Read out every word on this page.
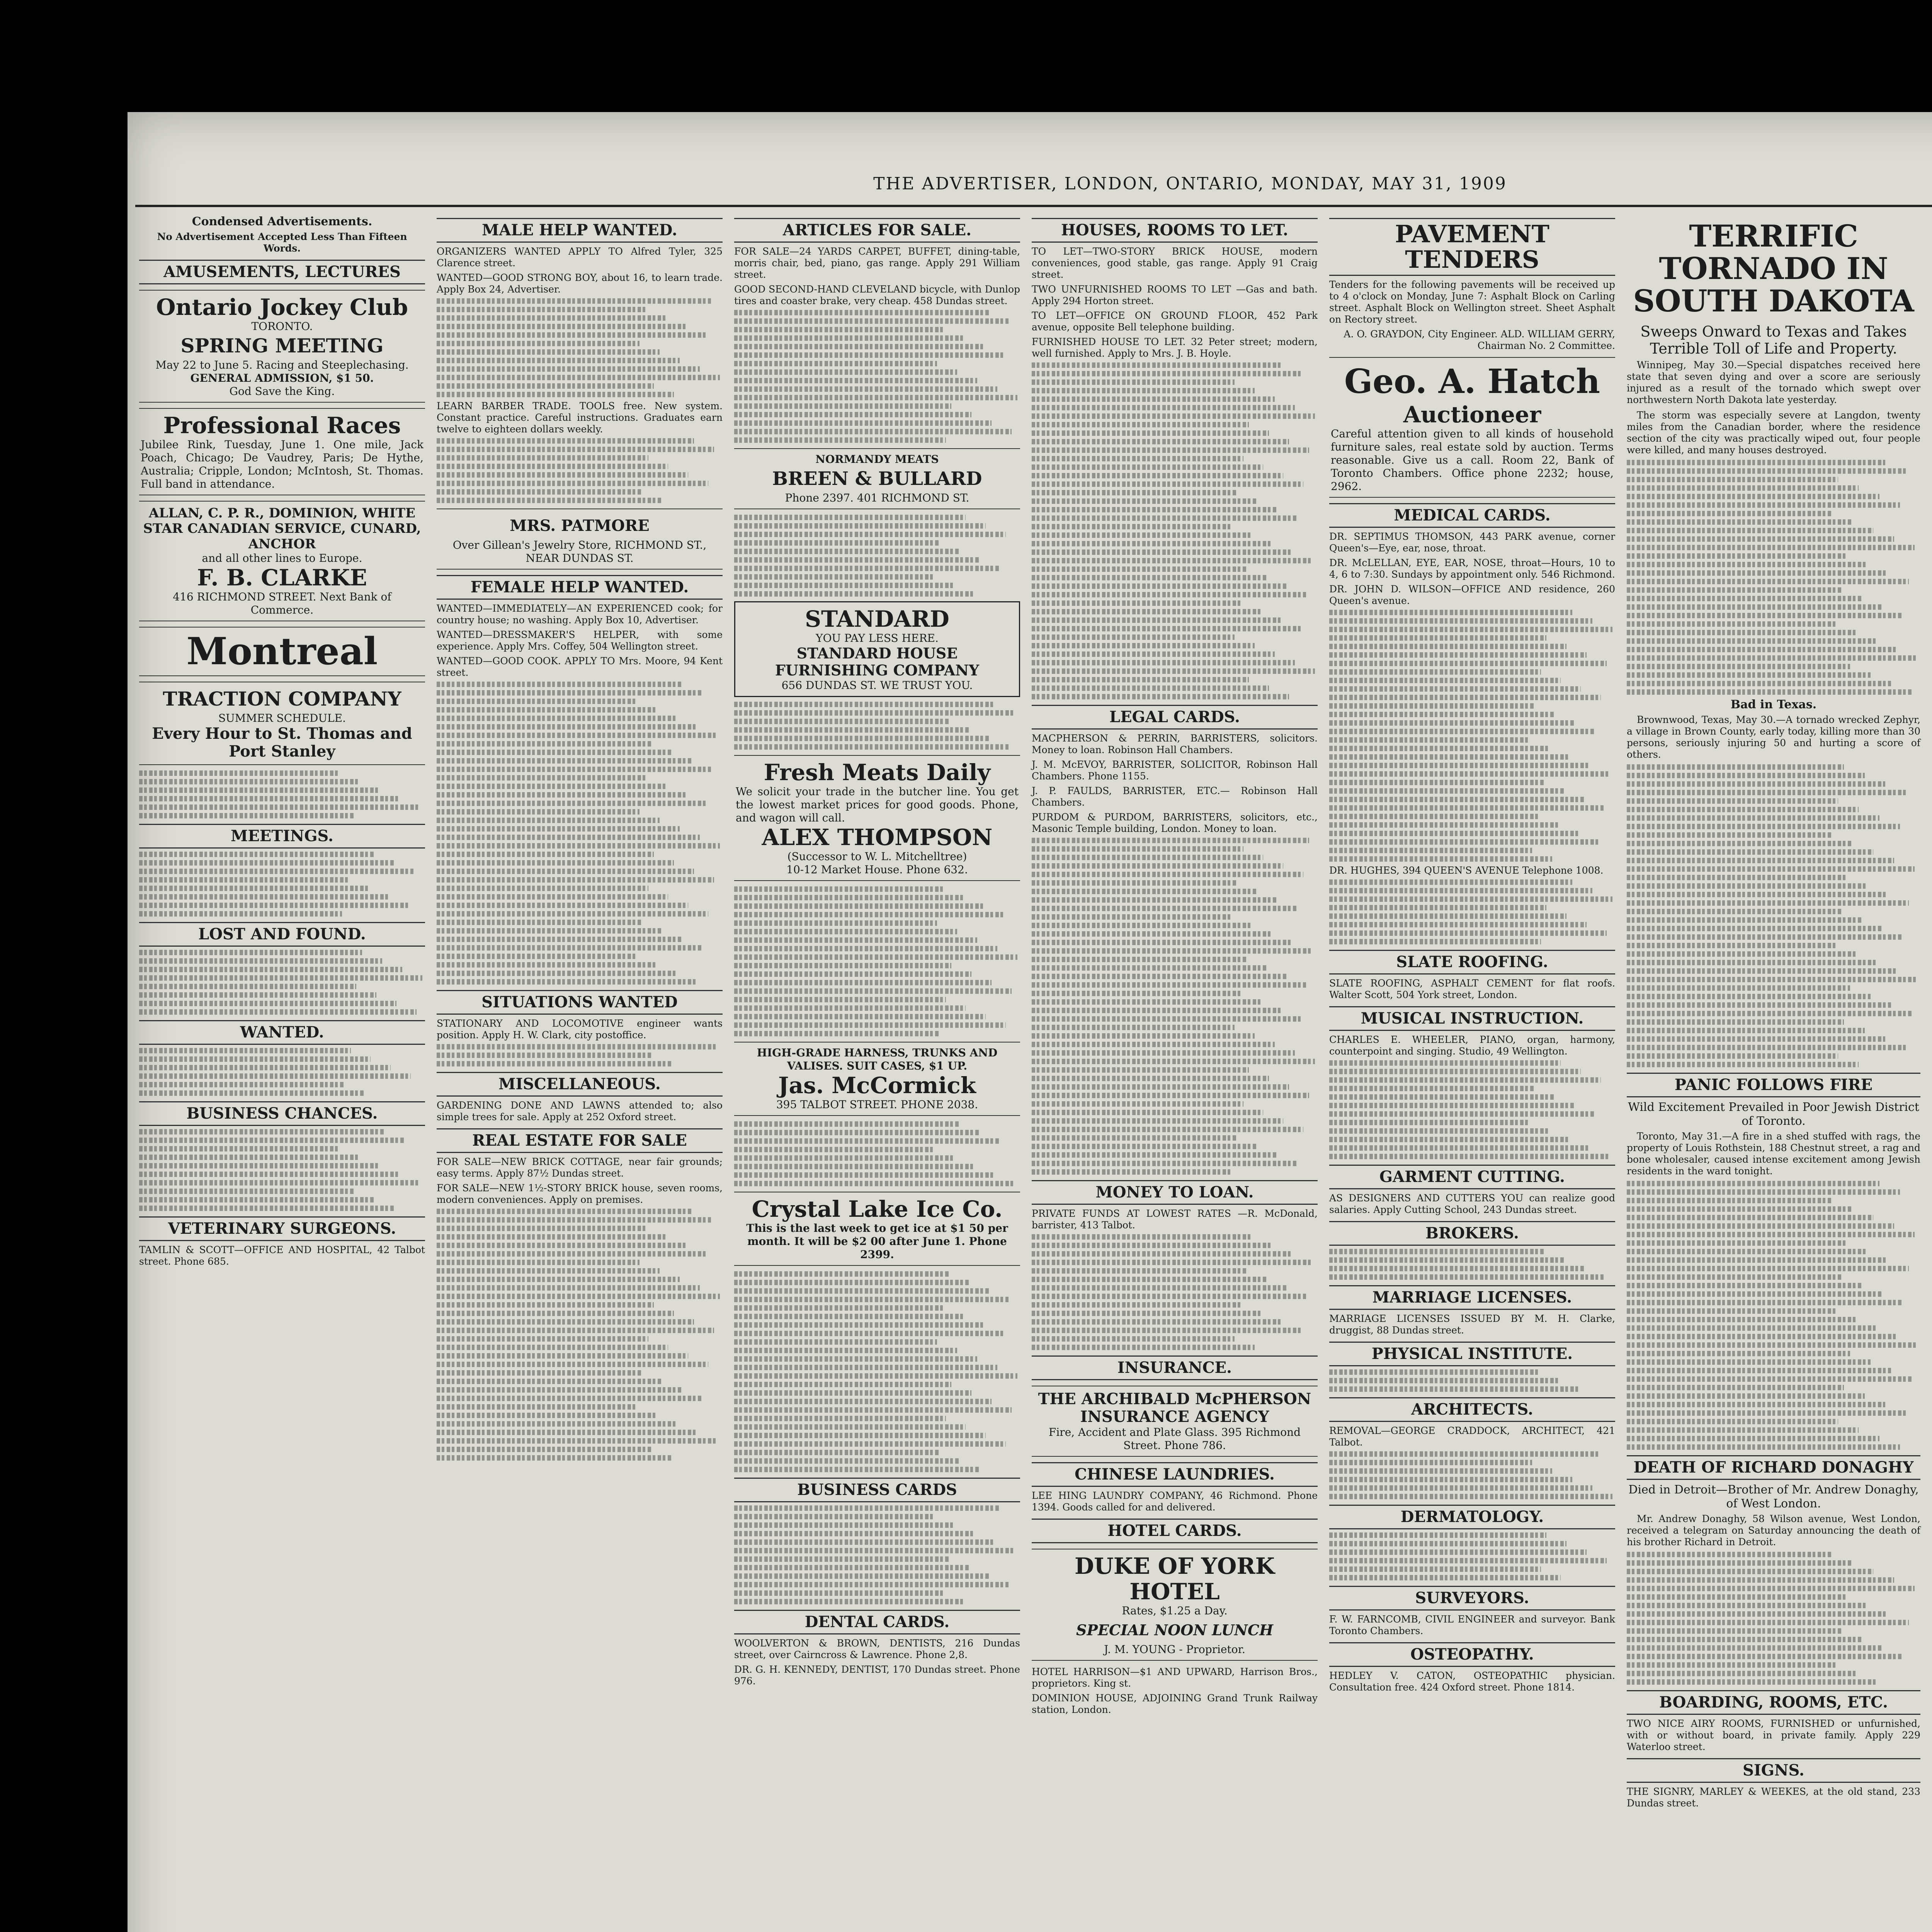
THE ADVERTISER, LONDON, ONTARIO, MONDAY, MAY 31, 1909
Condensed Advertisements.
No Advertisement Accepted Less Than Fifteen Words.
AMUSEMENTS, LECTURES
Ontario Jockey Club
TORONTO.
SPRING MEETING
May 22 to June 5. Racing and Steeplechasing.
GENERAL ADMISSION, $1 50.
God Save the King.
Professional Races
Jubilee Rink, Tuesday, June 1. One mile, Jack Poach, Chicago; De Vaudrey, Paris; De Hythe, Australia; Cripple, London; McIntosh, St. Thomas. Full band in attendance.
ALLAN, C. P. R., DOMINION, WHITE STAR CANADIAN SERVICE, CUNARD, ANCHOR
and all other lines to Europe.
F. B. CLARKE
416 RICHMOND STREET. Next Bank of Commerce.
Montreal
TRACTION COMPANY
SUMMER SCHEDULE.
Every Hour to St. Thomas and Port Stanley
MEETINGS.
LOST AND FOUND.
WANTED.
BUSINESS CHANCES.
VETERINARY SURGEONS.
TAMLIN & SCOTT—OFFICE AND HOSPITAL, 42 Talbot street. Phone 685.
MALE HELP WANTED.
ORGANIZERS WANTED APPLY TO Alfred Tyler, 325 Clarence street.
WANTED—GOOD STRONG BOY, about 16, to learn trade. Apply Box 24, Advertiser.
LEARN BARBER TRADE. TOOLS free. New system. Constant practice. Careful instructions. Graduates earn twelve to eighteen dollars weekly.
MRS. PATMORE
Over Gillean's Jewelry Store, RICHMOND ST., NEAR DUNDAS ST.
FEMALE HELP WANTED.
WANTED—IMMEDIATELY—AN EXPERIENCED cook; for country house; no washing. Apply Box 10, Advertiser.
WANTED—DRESSMAKER'S HELPER, with some experience. Apply Mrs. Coffey, 504 Wellington street.
WANTED—GOOD COOK. APPLY TO Mrs. Moore, 94 Kent street.
SITUATIONS WANTED
STATIONARY AND LOCOMOTIVE engineer wants position. Apply H. W. Clark, city postoffice.
MISCELLANEOUS.
GARDENING DONE AND LAWNS attended to; also simple trees for sale. Apply at 252 Oxford street.
REAL ESTATE FOR SALE
FOR SALE—NEW BRICK COTTAGE, near fair grounds; easy terms. Apply 87½ Dundas street.
FOR SALE—NEW 1½-STORY BRICK house, seven rooms, modern conveniences. Apply on premises.
ARTICLES FOR SALE.
FOR SALE—24 YARDS CARPET, BUFFET, dining-table, morris chair, bed, piano, gas range. Apply 291 William street.
GOOD SECOND-HAND CLEVELAND bicycle, with Dunlop tires and coaster brake, very cheap. 458 Dundas street.
NORMANDY MEATS
BREEN & BULLARD
Phone 2397. 401 RICHMOND ST.
STANDARD
YOU PAY LESS HERE.
STANDARD HOUSE FURNISHING COMPANY
656 DUNDAS ST. WE TRUST YOU.
Fresh Meats Daily
We solicit your trade in the butcher line. You get the lowest market prices for good goods. Phone, and wagon will call.
ALEX THOMPSON
(Successor to W. L. Mitchelltree)
10-12 Market House. Phone 632.
HIGH-GRADE HARNESS, TRUNKS AND VALISES. SUIT CASES, $1 UP.
Jas. McCormick
395 TALBOT STREET. PHONE 2038.
Crystal Lake Ice Co.
This is the last week to get ice at $1 50 per month. It will be $2 00 after June 1. Phone 2399.
BUSINESS CARDS
DENTAL CARDS.
WOOLVERTON & BROWN, DENTISTS, 216 Dundas street, over Cairncross & Lawrence. Phone 2,8.
DR. G. H. KENNEDY, DENTIST, 170 Dundas street. Phone 976.
HOUSES, ROOMS TO LET.
TO LET—TWO-STORY BRICK HOUSE, modern conveniences, good stable, gas range. Apply 91 Craig street.
TWO UNFURNISHED ROOMS TO LET —Gas and bath. Apply 294 Horton street.
TO LET—OFFICE ON GROUND FLOOR, 452 Park avenue, opposite Bell telephone building.
FURNISHED HOUSE TO LET. 32 Peter street; modern, well furnished. Apply to Mrs. J. B. Hoyle.
LEGAL CARDS.
MACPHERSON & PERRIN, BARRISTERS, solicitors. Money to loan. Robinson Hall Chambers.
J. M. McEVOY, BARRISTER, SOLICITOR, Robinson Hall Chambers. Phone 1155.
J. P. FAULDS, BARRISTER, ETC.— Robinson Hall Chambers.
PURDOM & PURDOM, BARRISTERS, solicitors, etc., Masonic Temple building, London. Money to loan.
MONEY TO LOAN.
PRIVATE FUNDS AT LOWEST RATES —R. McDonald, barrister, 413 Talbot.
INSURANCE.
THE ARCHIBALD McPHERSON INSURANCE AGENCY
Fire, Accident and Plate Glass. 395 Richmond Street. Phone 786.
CHINESE LAUNDRIES.
LEE HING LAUNDRY COMPANY, 46 Richmond. Phone 1394. Goods called for and delivered.
HOTEL CARDS.
DUKE OF YORK HOTEL
Rates, $1.25 a Day.
SPECIAL NOON LUNCH
J. M. YOUNG - Proprietor.
HOTEL HARRISON—$1 AND UPWARD, Harrison Bros., proprietors. King st.
DOMINION HOUSE, ADJOINING Grand Trunk Railway station, London.
PAVEMENT TENDERS
Tenders for the following pavements will be received up to 4 o'clock on Monday, June 7: Asphalt Block on Carling street. Asphalt Block on Wellington street. Sheet Asphalt on Rectory street.
A. O. GRAYDON, City Engineer. ALD. WILLIAM GERRY, Chairman No. 2 Committee.
Geo. A. Hatch
Auctioneer
Careful attention given to all kinds of household furniture sales, real estate sold by auction. Terms reasonable. Give us a call. Room 22, Bank of Toronto Chambers. Office phone 2232; house, 2962.
MEDICAL CARDS.
DR. SEPTIMUS THOMSON, 443 PARK avenue, corner Queen's—Eye, ear, nose, throat.
DR. McLELLAN, EYE, EAR, NOSE, throat—Hours, 10 to 4, 6 to 7:30. Sundays by appointment only. 546 Richmond.
DR. JOHN D. WILSON—OFFICE AND residence, 260 Queen's avenue.
DR. HUGHES, 394 QUEEN'S AVENUE Telephone 1008.
SLATE ROOFING.
SLATE ROOFING, ASPHALT CEMENT for flat roofs. Walter Scott, 504 York street, London.
MUSICAL INSTRUCTION.
CHARLES E. WHEELER, PIANO, organ, harmony, counterpoint and singing. Studio, 49 Wellington.
GARMENT CUTTING.
AS DESIGNERS AND CUTTERS YOU can realize good salaries. Apply Cutting School, 243 Dundas street.
BROKERS.
MARRIAGE LICENSES.
MARRIAGE LICENSES ISSUED BY M. H. Clarke, druggist, 88 Dundas street.
PHYSICAL INSTITUTE.
ARCHITECTS.
REMOVAL—GEORGE CRADDOCK, ARCHITECT, 421 Talbot.
DERMATOLOGY.
SURVEYORS.
F. W. FARNCOMB, CIVIL ENGINEER and surveyor. Bank Toronto Chambers.
OSTEOPATHY.
HEDLEY V. CATON, OSTEOPATHIC physician. Consultation free. 424 Oxford street. Phone 1814.
TERRIFIC TORNADO IN SOUTH DAKOTA
Sweeps Onward to Texas and Takes Terrible Toll of Life and Property.

Winnipeg, May 30.—Special dispatches received here state that seven dying and over a score are seriously injured as a result of the tornado which swept over northwestern North Dakota late yesterday.

The storm was especially severe at Langdon, twenty miles from the Canadian border, where the residence section of the city was practically wiped out, four people were killed, and many houses destroyed.

Bad in Texas.

Brownwood, Texas, May 30.—A tornado wrecked Zephyr, a village in Brown County, early today, killing more than 30 persons, seriously injuring 50 and hurting a score of others.

PANIC FOLLOWS FIRE
Wild Excitement Prevailed in Poor Jewish District of Toronto.

Toronto, May 31.—A fire in a shed stuffed with rags, the property of Louis Rothstein, 188 Chestnut street, a rag and bone wholesaler, caused intense excitement among Jewish residents in the ward tonight.

DEATH OF RICHARD DONAGHY
Died in Detroit—Brother of Mr. Andrew Donaghy, of West London.

Mr. Andrew Donaghy, 58 Wilson avenue, West London, received a telegram on Saturday announcing the death of his brother Richard in Detroit.

BOARDING, ROOMS, ETC.
TWO NICE AIRY ROOMS, FURNISHED or unfurnished, with or without board, in private family. Apply 229 Waterloo street.
SIGNS.
THE SIGNRY, MARLEY & WEEKES, at the old stand, 233 Dundas street.
